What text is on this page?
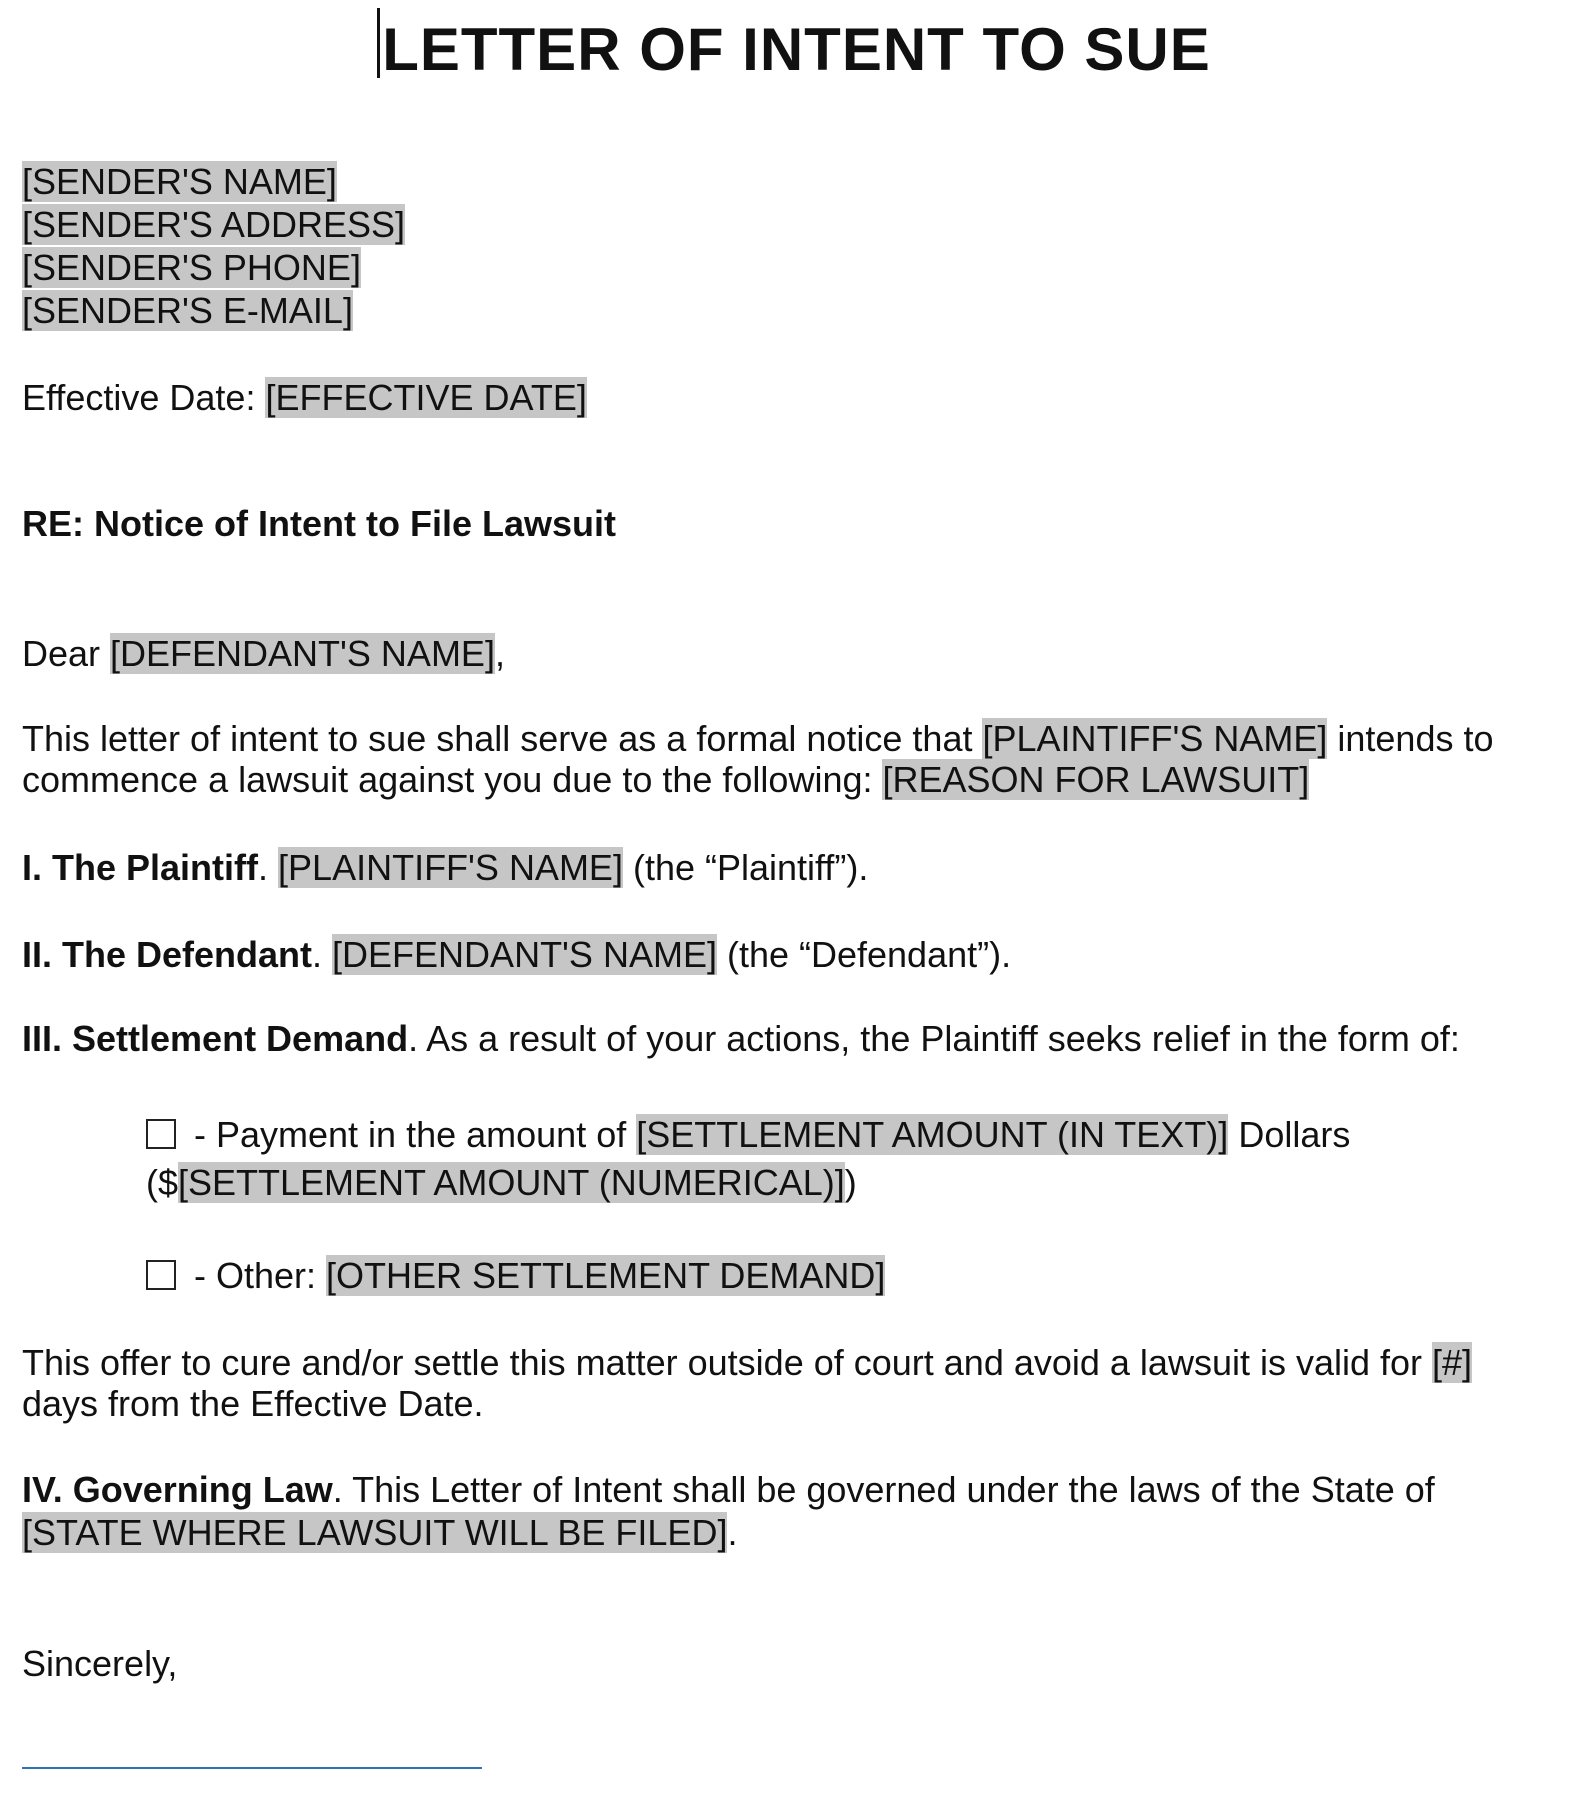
LETTER OF INTENT TO SUE
[SENDER'S NAME]
[SENDER'S ADDRESS]
[SENDER'S PHONE]
[SENDER'S E-MAIL]
Effective Date: [EFFECTIVE DATE]
RE: Notice of Intent to File Lawsuit
Dear [DEFENDANT'S NAME],
This letter of intent to sue shall serve as a formal notice that [PLAINTIFF'S NAME] intends to
commence a lawsuit against you due to the following: [REASON FOR LAWSUIT]
I. The Plaintiff. [PLAINTIFF'S NAME] (the “Plaintiff”).
II. The Defendant. [DEFENDANT'S NAME] (the “Defendant”).
III. Settlement Demand. As a result of your actions, the Plaintiff seeks relief in the form of:
- Payment in the amount of [SETTLEMENT AMOUNT (IN TEXT)] Dollars
($[SETTLEMENT AMOUNT (NUMERICAL)])
- Other: [OTHER SETTLEMENT DEMAND]
This offer to cure and/or settle this matter outside of court and avoid a lawsuit is valid for [#]
days from the Effective Date.
IV. Governing Law. This Letter of Intent shall be governed under the laws of the State of
[STATE WHERE LAWSUIT WILL BE FILED].
Sincerely,
